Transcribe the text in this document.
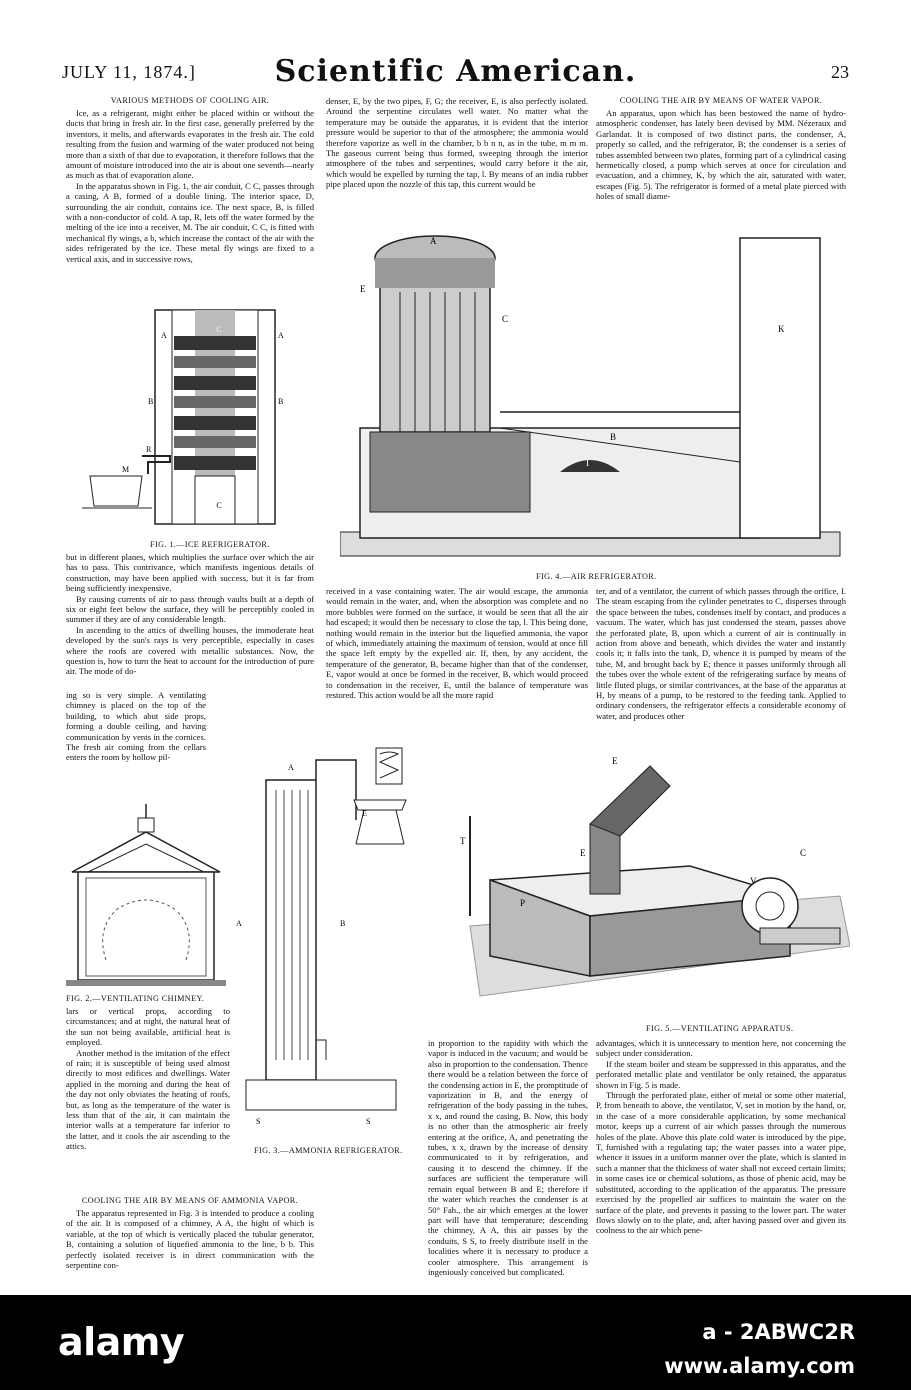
JULY 11, 1874.]	Scientific American.	23
VARIOUS METHODS OF COOLING AIR.

Ice, as a refrigerant, might either be placed within or without the ducts that bring in fresh air. In the first case, generally preferred by the inventors, it melts, and afterwards evaporates in the fresh air. The cold resulting from the fusion and warming of the water produced not being more than a sixth of that due to evaporation, it therefore follows that the amount of moisture introduced into the air is about one seventh—nearly as much as that of evaporation alone.

In the apparatus shown in Fig. 1, the air conduit, C C, passes through a casing, A B, formed of a double lining. The interior space, D, surrounding the air conduit, contains ice. The next space, B, is filled with a non-conductor of cold. A tap, R, lets off the water formed by the melting of the ice into a receiver, M. The air conduit, C C, is fitted with mechanical fly wings, a b, which increase the contact of the air with the sides refrigerated by the ice. These metal fly wings are fixed to a vertical axis, and in successive rows,

C
C
A	A
B	B
M
R
FIG. 1.—ICE REFRIGERATOR.

but in different planes, which multiplies the surface over which the air has to pass. This contrivance, which manifests ingenious details of construction, may have been applied with success, but it is far from being sufficiently inexpensive.

By causing currents of air to pass through vaults built at a depth of six or eight feet below the surface, they will be perceptibly cooled in summer if they are of any considerable length.

In ascending to the attics of dwelling houses, the immoderate heat developed by the sun's rays is very perceptible, especially in cases where the roofs are covered with metallic substances. Now, the question is, how to turn the heat to account for the introduction of pure air. The mode of do-

ing so is very simple. A ventilating chimney is placed on the top of the building, to which abut side props, forming a double ceiling, and having communication by vents in the cornices. The fresh air coming from the cellars enters the room by hollow pil-

FIG. 2.—VENTILATING CHIMNEY.

lars or vertical props, according to circumstances; and at night, the natural heat of the sun not being available, artificial heat is employed.

Another method is the imitation of the effect of rain; it is susceptible of being used almost directly to most edifices and dwellings. Water applied in the morning and during the heat of the day not only obviates the heating of roofs, but, as long as the temperature of the water is less than that of the air, it can maintain the interior walls at a temperature far inferior to the latter, and it cools the air ascending to the attics.

COOLING THE AIR BY MEANS OF AMMONIA VAPOR.

The apparatus represented in Fig. 3 is intended to produce a cooling of the air. It is composed of a chimney, A A, the hight of which is variable, at the top of which is vertically placed the tubular generator, B, containing a solution of liquefied ammonia to the line, b b. This perfectly isolated receiver is in direct communication with the serpentine con-

denser, E, by the two pipes, F, G; the receiver, E, is also perfectly isolated. Around the serpentine circulates well water. No matter what the temperature may be outside the apparatus, it is evident that the interior pressure would be superior to that of the atmosphere; the ammonia would therefore vaporize as well in the chamber, b b n n, as in the tube, m m m. The gaseous current being thus formed, sweeping through the interior atmosphere of the tubes and serpentines, would carry before it the air, which would be expelled by turning the tap, l. By means of an india rubber pipe placed upon the nozzle of this tap, this current would be

A
E
C
K
B
I
FIG. 4.—AIR REFRIGERATOR.

received in a vase containing water. The air would escape, the ammonia would remain in the water, and, when the absorption was complete and no more bubbles were formed on the surface, it would be seen that all the air had escaped; it would then be necessary to close the tap, l. This being done, nothing would remain in the interior but the liquefied ammonia, the vapor of which, immediately attaining the maximum of tension, would at once fill the space left empty by the expelled air. If, then, by any accident, the temperature of the generator, B, became higher than that of the condenser, E, vapor would at once be formed in the receiver, B, which would proceed to condensation in the receiver, E, until the balance of temperature was restored. This action would be all the more rapid

A
A	B
S	S
E
FIG. 3.—AMMONIA REFRIGERATOR.

in proportion to the rapidity with which the vapor is induced in the vacuum; and would be also in proportion to the condensation. Thence there would be a relation between the force of the condensing action in E, the promptitude of vaporization in B, and the energy of refrigeration of the body passing in the tubes, x x, and round the casing, B. Now, this body is no other than the atmospheric air freely entering at the orifice, A, and penetrating the tubes, x x, drawn by the increase of density communicated to it by refrigeration, and causing it to descend the chimney. If the surfaces are sufficient the temperature will remain equal between B and E; therefore if the water which reaches the condenser is at 50° Fah., the air which emerges at the lower part will have that temperature; descending the chimney, A A, this air passes by the conduits, S S, to freely distribute itself in the localities where it is necessary to produce a cooler atmosphere. This arrangement is ingeniously conceived but complicated.

COOLING THE AIR BY MEANS OF WATER VAPOR.

An apparatus, upon which has been bestowed the name of hydro-atmospheric condenser, has lately been devised by MM. Nézeraux and Garlandat. It is composed of two distinct parts, the condenser, A, properly so called, and the refrigerator, B; the condenser is a series of tubes assembled between two plates, forming part of a cylindrical casing hermetically closed, a pump which serves at once for circulation and evacuation, and a chimney, K, by which the air, saturated with water, escapes (Fig. 5). The refrigerator is formed of a metal plate pierced with holes of small diame-

ter, and of a ventilator, the current of which passes through the orifice, I. The steam escaping from the cylinder penetrates to C, disperses through the space between the tubes, condenses itself by contact, and produces a vacuum. The water, which has just condensed the steam, passes above the perforated plate, B, upon which a current of air is continually in action from above and beneath, which divides the water and instantly cools it; it falls into the tank, D, whence it is pumped by means of the tube, M, and brought back by E; thence it passes uniformly through all the tubes over the whole extent of the refrigerating surface by means of little fluted plugs, or similar contrivances, at the base of the apparatus at H, by means of a pump, to be restored to the feeding tank. Applied to ordinary condensers, the refrigerator effects a considerable economy of water, and produces other

E
E
T
C
V
P
FIG. 5.—VENTILATING APPARATUS.

advantages, which it is unnecessary to mention here, not concerning the subject under consideration.

If the steam boiler and steam be suppressed in this apparatus, and the perforated metallic plate and ventilator be only retained, the apparatus shown in Fig. 5 is made.

Through the perforated plate, either of metal or some other material, P, from beneath to above, the ventilator, V, set in motion by the hand, or, in the case of a more considerable application, by some mechanical motor, keeps up a current of air which passes through the numerous holes of the plate. Above this plate cold water is introduced by the pipe, T, furnished with a regulating tap; the water passes into a water pipe, whence it issues in a uniform manner over the plate, which is slanted in such a manner that the thickness of water shall not exceed certain limits; in some cases ice or chemical solutions, as those of phenic acid, may be substituted, according to the application of the apparatus. The pressure exercised by the propelled air suffices to maintain the water on the surface of the plate, and prevents it passing to the lower part. The water flows slowly on to the plate, and, after having passed over and given its coolness to the air which pene-

alamy	a - 2ABWC2R
www.alamy.com
